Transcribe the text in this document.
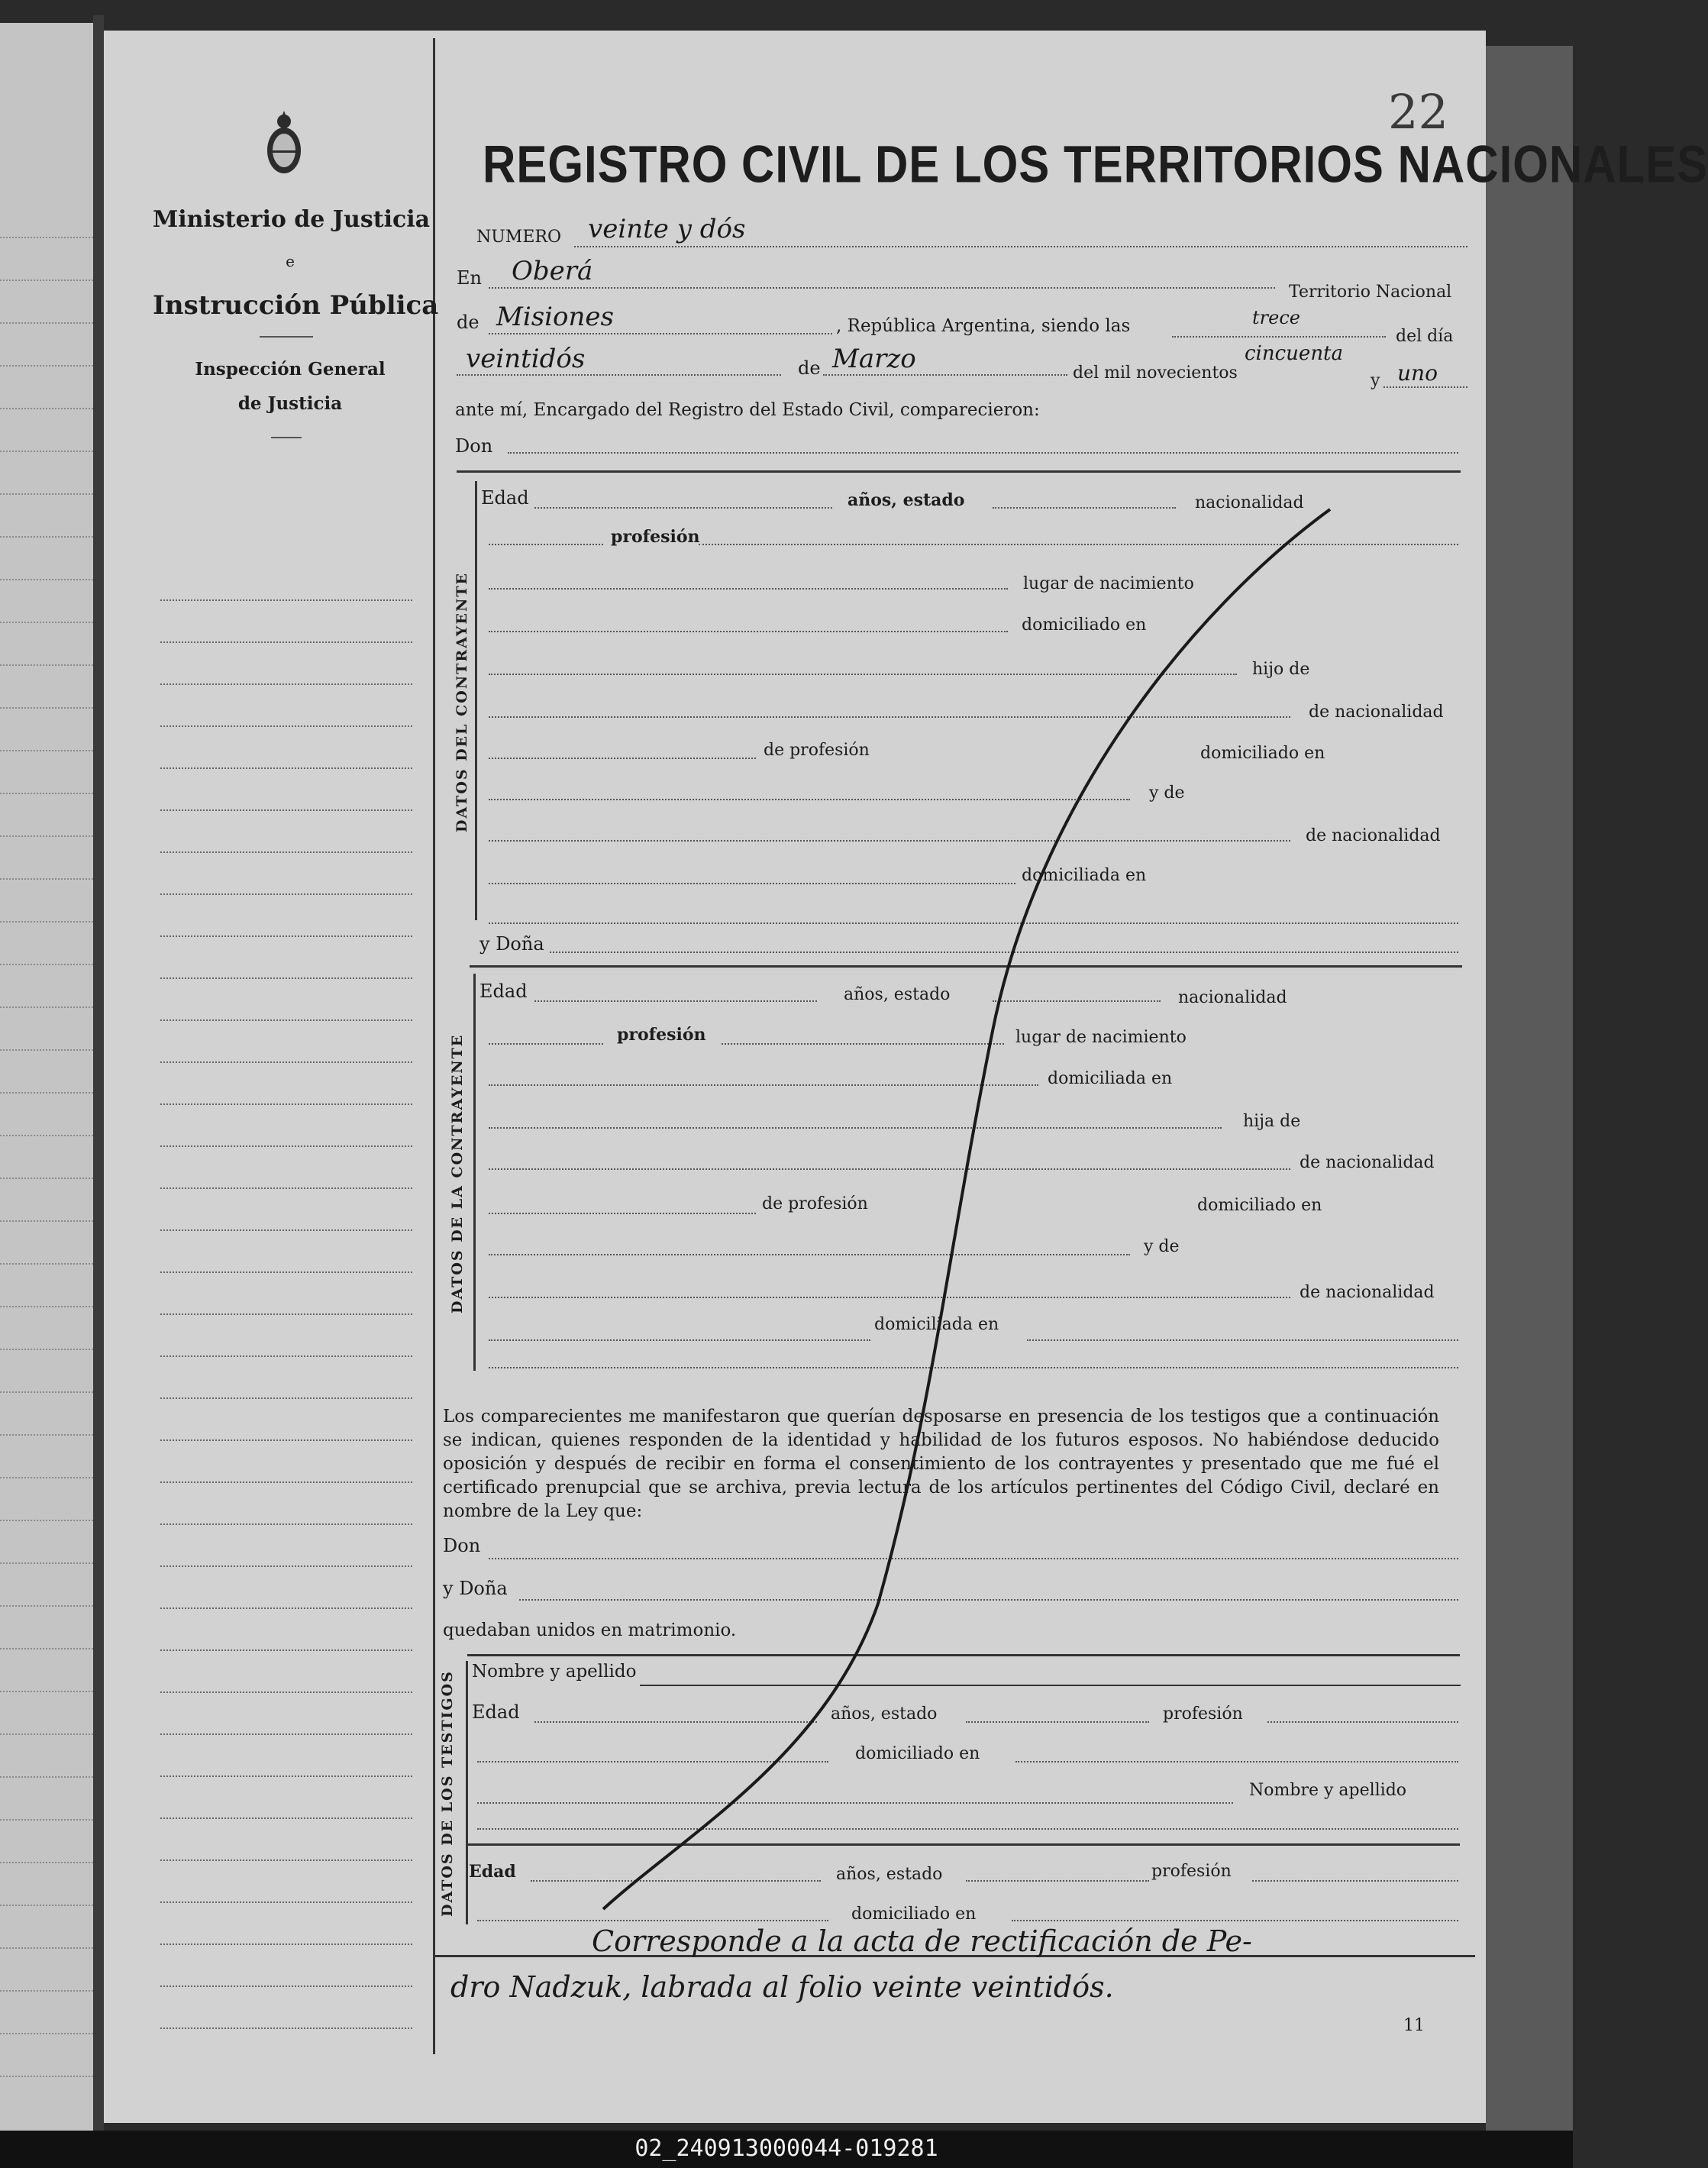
Ministerio de Justicia
e
Instrucción Pública
Inspección General
de Justicia
22
REGISTRO CIVIL DE LOS TERRITORIOS NACIONALES
NUMERO veinte y dós
En Oberá
Territorio Nacional
de Misiones	, República Argentina, siendo las	trece
del día
veintidós	de Marzo	del mil novecientos
cincuenta
y uno
ante mí, Encargado del Registro del Estado Civil, comparecieron:
Don
DATOS DEL CONTRAYENTE
Edad	años, estado	nacionalidad
profesión
lugar de nacimiento
domiciliado en
hijo de
de nacionalidad
de profesión	domiciliado en
y de
de nacionalidad
domiciliada en
y Doña
DATOS DE LA CONTRAYENTE
Edad	años, estado	nacionalidad
profesión	lugar de nacimiento
domiciliada en
hija de
de nacionalidad
de profesión	domiciliado en
y de
de nacionalidad
domiciliada en
Los comparecientes me manifestaron que querían desposarse en presencia de los testigos que a continuación se indican, quienes responden de la identidad y habilidad de los futuros esposos. No habiéndose deducido oposición y después de recibir en forma el consentimiento de los contrayentes y presentado que me fué el certificado prenupcial que se archiva, previa lectura de los artículos pertinentes del Código Civil, declaré en nombre de la Ley que:
Don
y Doña
quedaban unidos en matrimonio.
DATOS DE LOS TESTIGOS Nombre y apellido
Edad	años, estado	profesión
domiciliado en
Nombre y apellido
Edad	años, estado	profesión
domiciliado en
Corresponde a la acta de rectificación de Pe-
dro Nadzuk, labrada al folio veinte veintidós.
11
02_240913000044-019281
